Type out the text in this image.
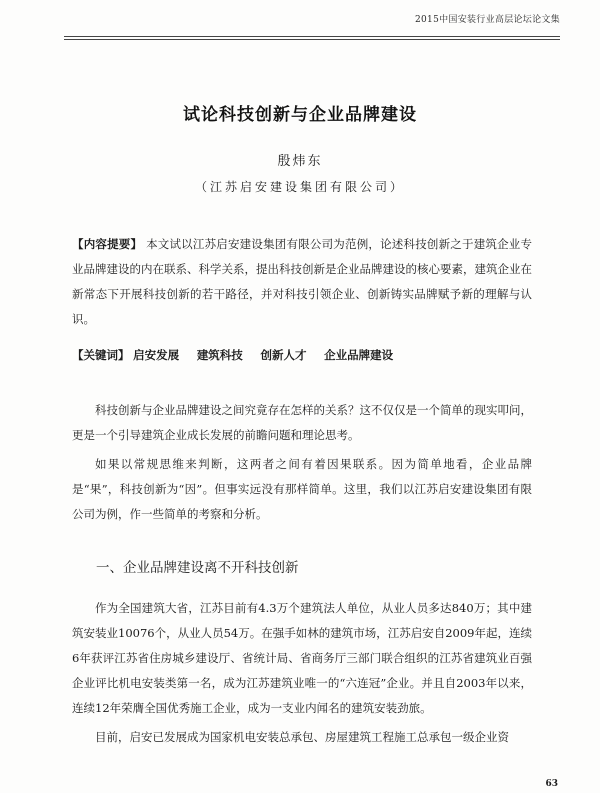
2015中国安装行业高层论坛论文集
试论科技创新与企业品牌建设
殷炜东
（江苏启安建设集团有限公司）
【内容提要】 本文试以江苏启安建设集团有限公司为范例，论述科技创新之于建筑企业专业品牌建设的内在联系、科学关系，提出科技创新是企业品牌建设的核心要素，建筑企业在新常态下开展科技创新的若干路径，并对科技引领企业、创新铸实品牌赋予新的理解与认识。
【关键词】 启安发展 建筑科技 创新人才 企业品牌建设

科技创新与企业品牌建设之间究竟存在怎样的关系？这不仅仅是一个简单的现实叩问，更是一个引导建筑企业成长发展的前瞻问题和理论思考。

如果以常规思维来判断，这两者之间有着因果联系。因为简单地看，企业品牌是“果”，科技创新为“因”。但事实远没有那样简单。这里，我们以江苏启安建设集团有限公司为例，作一些简单的考察和分析。

一、企业品牌建设离不开科技创新

作为全国建筑大省，江苏目前有4.3万个建筑法人单位，从业人员多达840万；其中建筑安装业10076个，从业人员54万。在强手如林的建筑市场，江苏启安自2009年起，连续6年获评江苏省住房城乡建设厅、省统计局、省商务厅三部门联合组织的江苏省建筑业百强企业评比机电安装类第一名，成为江苏建筑业唯一的“六连冠”企业。并且自2003年以来，连续12年荣膺全国优秀施工企业，成为一支业内闻名的建筑安装劲旅。

目前，启安已发展成为国家机电安装总承包、房屋建筑工程施工总承包一级企业资

63
